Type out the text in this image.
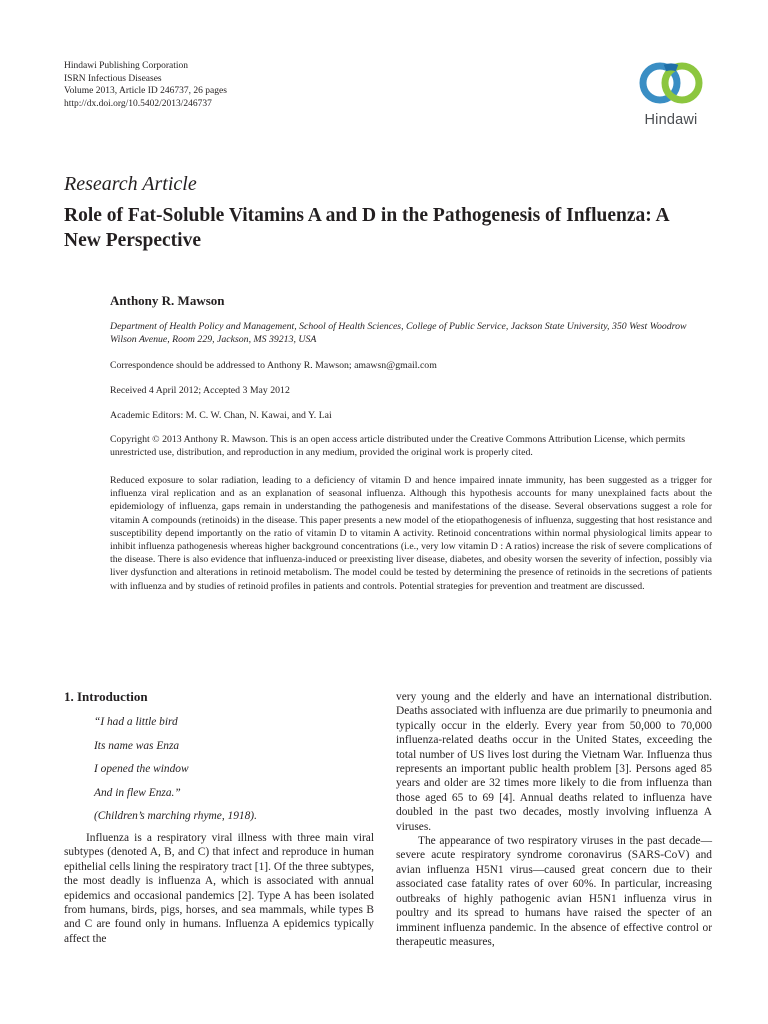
Hindawi Publishing Corporation
ISRN Infectious Diseases
Volume 2013, Article ID 246737, 26 pages
http://dx.doi.org/10.5402/2013/246737
Hindawi
Research Article
Role of Fat-Soluble Vitamins A and D in the Pathogenesis of Influenza: A New Perspective
Anthony R. Mawson
Department of Health Policy and Management, School of Health Sciences, College of Public Service, Jackson State University, 350 West Woodrow Wilson Avenue, Room 229, Jackson, MS 39213, USA
Correspondence should be addressed to Anthony R. Mawson; amawsn@gmail.com
Received 4 April 2012; Accepted 3 May 2012
Academic Editors: M. C. W. Chan, N. Kawai, and Y. Lai
Copyright © 2013 Anthony R. Mawson. This is an open access article distributed under the Creative Commons Attribution License, which permits unrestricted use, distribution, and reproduction in any medium, provided the original work is properly cited.
Reduced exposure to solar radiation, leading to a deficiency of vitamin D and hence impaired innate immunity, has been suggested as a trigger for influenza viral replication and as an explanation of seasonal influenza. Although this hypothesis accounts for many unexplained facts about the epidemiology of influenza, gaps remain in understanding the pathogenesis and manifestations of the disease. Several observations suggest a role for vitamin A compounds (retinoids) in the disease. This paper presents a new model of the etiopathogenesis of influenza, suggesting that host resistance and susceptibility depend importantly on the ratio of vitamin D to vitamin A activity. Retinoid concentrations within normal physiological limits appear to inhibit influenza pathogenesis whereas higher background concentrations (i.e., very low vitamin D : A ratios) increase the risk of severe complications of the disease. There is also evidence that influenza-induced or preexisting liver disease, diabetes, and obesity worsen the severity of infection, possibly via liver dysfunction and alterations in retinoid metabolism. The model could be tested by determining the presence of retinoids in the secretions of patients with influenza and by studies of retinoid profiles in patients and controls. Potential strategies for prevention and treatment are discussed.
1. Introduction
“I had a little bird
Its name was Enza
I opened the window
And in flew Enza.”
(Children’s marching rhyme, 1918).

Influenza is a respiratory viral illness with three main viral subtypes (denoted A, B, and C) that infect and reproduce in human epithelial cells lining the respiratory tract [1]. Of the three subtypes, the most deadly is influenza A, which is associated with annual epidemics and occasional pandemics [2]. Type A has been isolated from humans, birds, pigs, horses, and sea mammals, while types B and C are found only in humans. Influenza A epidemics typically affect the

very young and the elderly and have an international distribution. Deaths associated with influenza are due primarily to pneumonia and typically occur in the elderly. Every year from 50,000 to 70,000 influenza-related deaths occur in the United States, exceeding the total number of US lives lost during the Vietnam War. Influenza thus represents an important public health problem [3]. Persons aged 85 years and older are 32 times more likely to die from influenza than those aged 65 to 69 [4]. Annual deaths related to influenza have doubled in the past two decades, mostly involving influenza A viruses.

The appearance of two respiratory viruses in the past decade—severe acute respiratory syndrome coronavirus (SARS-CoV) and avian influenza H5N1 virus—caused great concern due to their associated case fatality rates of over 60%. In particular, increasing outbreaks of highly pathogenic avian H5N1 influenza virus in poultry and its spread to humans have raised the specter of an imminent influenza pandemic. In the absence of effective control or therapeutic measures,
